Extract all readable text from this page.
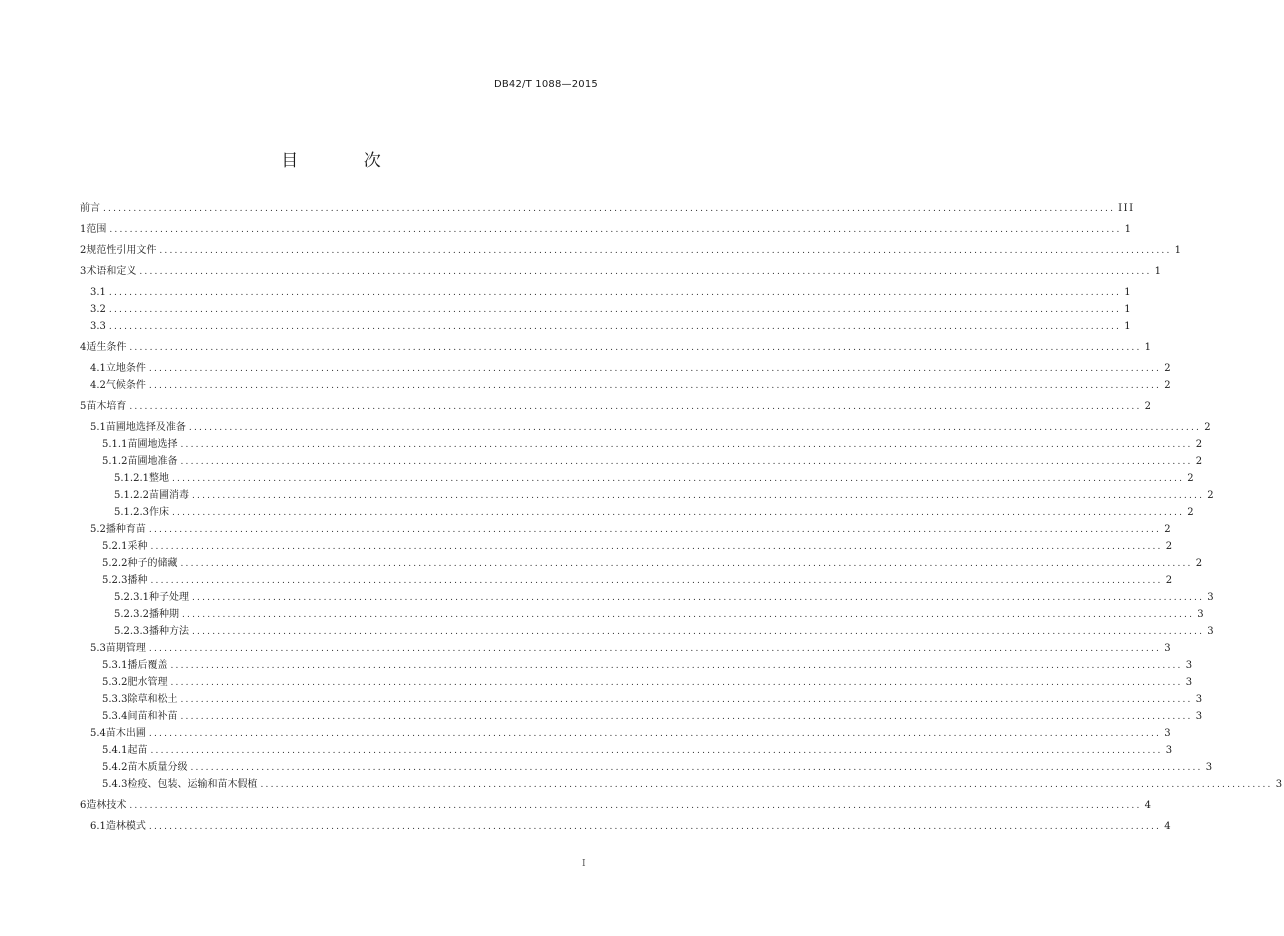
DB42/T 1088—2015
目 次
前言 ........................................................................................................................................................................................................ III
1 范围 ........................................................................................................................................................................................................ 1
2 规范性引用文件 ........................................................................................................................................................................................................ 1
3 术语和定义 ........................................................................................................................................................................................................ 1
3.1 ........................................................................................................................................................................................................ 1
3.2 ........................................................................................................................................................................................................ 1
3.3 ........................................................................................................................................................................................................ 1
4 适生条件 ........................................................................................................................................................................................................ 1
4.1 立地条件 ........................................................................................................................................................................................................ 2
4.2 气候条件 ........................................................................................................................................................................................................ 2
5 苗木培育 ........................................................................................................................................................................................................ 2
5.1 苗圃地选择及准备 ........................................................................................................................................................................................................ 2
5.1.1 苗圃地选择 ........................................................................................................................................................................................................ 2
5.1.2 苗圃地准备 ........................................................................................................................................................................................................ 2
5.1.2.1 整地 ........................................................................................................................................................................................................ 2
5.1.2.2 苗圃消毒 ........................................................................................................................................................................................................ 2
5.1.2.3 作床 ........................................................................................................................................................................................................ 2
5.2 播种育苗 ........................................................................................................................................................................................................ 2
5.2.1 采种 ........................................................................................................................................................................................................ 2
5.2.2 种子的储藏 ........................................................................................................................................................................................................ 2
5.2.3 播种 ........................................................................................................................................................................................................ 2
5.2.3.1 种子处理 ........................................................................................................................................................................................................ 3
5.2.3.2 播种期 ........................................................................................................................................................................................................ 3
5.2.3.3 播种方法 ........................................................................................................................................................................................................ 3
5.3 苗期管理 ........................................................................................................................................................................................................ 3
5.3.1 播后覆盖 ........................................................................................................................................................................................................ 3
5.3.2 肥水管理 ........................................................................................................................................................................................................ 3
5.3.3 除草和松土 ........................................................................................................................................................................................................ 3
5.3.4 间苗和补苗 ........................................................................................................................................................................................................ 3
5.4 苗木出圃 ........................................................................................................................................................................................................ 3
5.4.1 起苗 ........................................................................................................................................................................................................ 3
5.4.2 苗木质量分级 ........................................................................................................................................................................................................ 3
5.4.3 检疫、包装、运输和苗木假植 ........................................................................................................................................................................................................ 3
6 造林技术 ........................................................................................................................................................................................................ 4
6.1 造林模式 ........................................................................................................................................................................................................ 4
I
